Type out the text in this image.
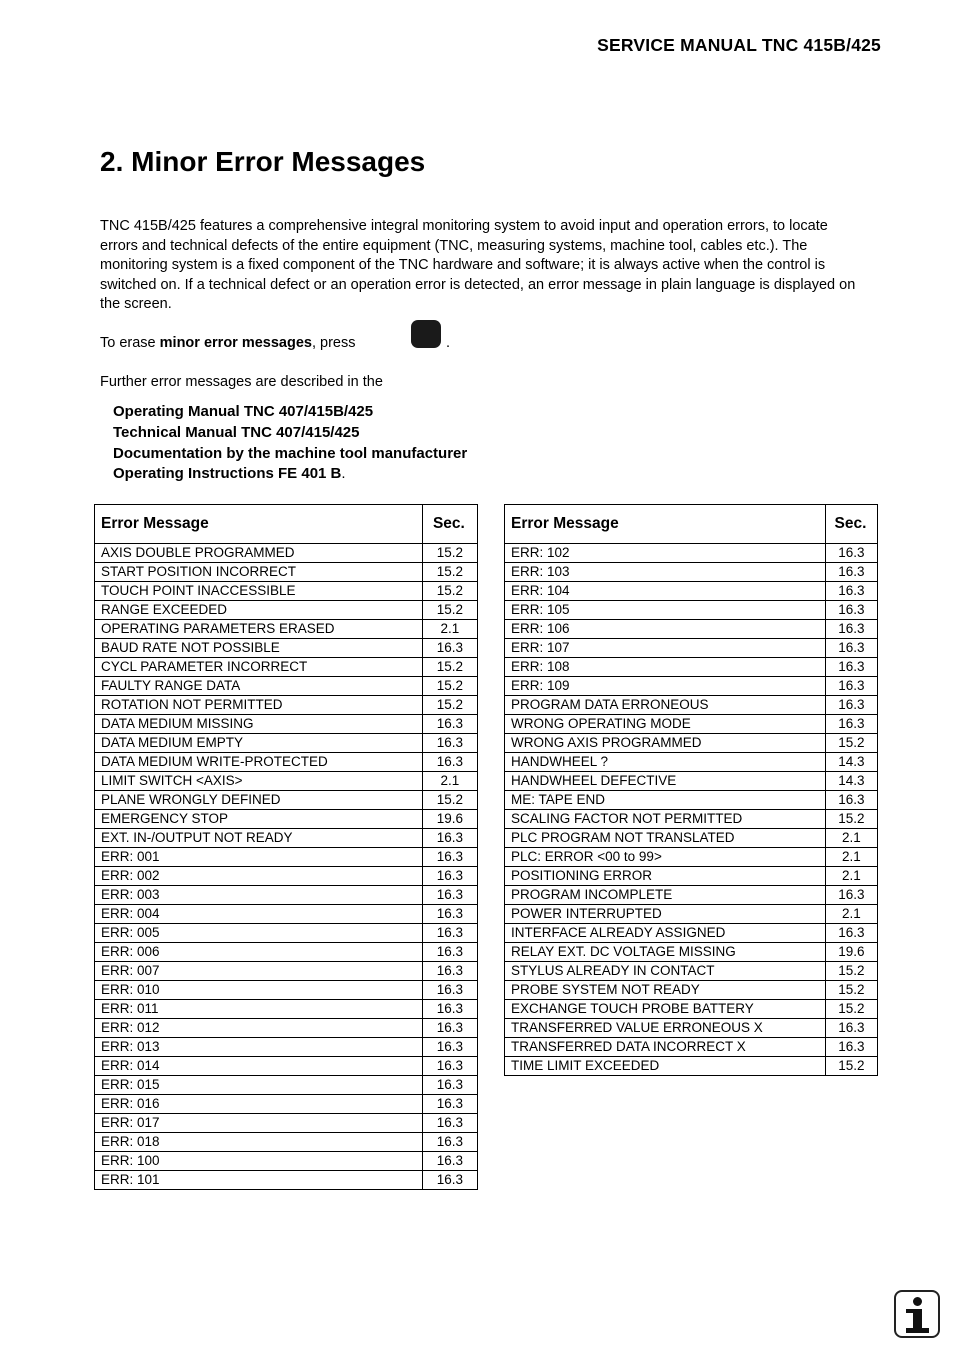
SERVICE MANUAL TNC 415B/425
2. Minor Error Messages

TNC 415B/425 features a comprehensive integral monitoring system to avoid input and operation errors, to locate errors and technical defects of the entire equipment (TNC, measuring systems, machine tool, cables etc.). The monitoring system is a fixed component of the TNC hardware and software; it is always active when the control is switched on. If a technical defect or an operation error is detected, an error message in plain language is displayed on the screen.

To erase minor error messages, press	.
Further error messages are described in the
Operating Manual TNC 407/415B/425
Technical Manual TNC 407/415/425
Documentation by the machine tool manufacturer
Operating Instructions FE 401 B.
Error Message	Sec.
AXIS DOUBLE PROGRAMMED	15.2
START POSITION INCORRECT	15.2
TOUCH POINT INACCESSIBLE	15.2
RANGE EXCEEDED	15.2
OPERATING PARAMETERS ERASED	2.1
BAUD RATE NOT POSSIBLE	16.3
CYCL PARAMETER INCORRECT	15.2
FAULTY RANGE DATA	15.2
ROTATION NOT PERMITTED	15.2
DATA MEDIUM MISSING	16.3
DATA MEDIUM EMPTY	16.3
DATA MEDIUM WRITE-PROTECTED	16.3
LIMIT SWITCH <AXIS>	2.1
PLANE WRONGLY DEFINED	15.2
EMERGENCY STOP	19.6
EXT. IN-/OUTPUT NOT READY	16.3
ERR: 001	16.3
ERR: 002	16.3
ERR: 003	16.3
ERR: 004	16.3
ERR: 005	16.3
ERR: 006	16.3
ERR: 007	16.3
ERR: 010	16.3
ERR: 011	16.3
ERR: 012	16.3
ERR: 013	16.3
ERR: 014	16.3
ERR: 015	16.3
ERR: 016	16.3
ERR: 017	16.3
ERR: 018	16.3
ERR: 100	16.3
ERR: 101	16.3
Error Message	Sec.
ERR: 102	16.3
ERR: 103	16.3
ERR: 104	16.3
ERR: 105	16.3
ERR: 106	16.3
ERR: 107	16.3
ERR: 108	16.3
ERR: 109	16.3
PROGRAM DATA ERRONEOUS	16.3
WRONG OPERATING MODE	16.3
WRONG AXIS PROGRAMMED	15.2
HANDWHEEL ?	14.3
HANDWHEEL DEFECTIVE	14.3
ME: TAPE END	16.3
SCALING FACTOR NOT PERMITTED	15.2
PLC PROGRAM NOT TRANSLATED	2.1
PLC: ERROR <00 to 99>	2.1
POSITIONING ERROR	2.1
PROGRAM INCOMPLETE	16.3
POWER INTERRUPTED	2.1
INTERFACE ALREADY ASSIGNED	16.3
RELAY EXT. DC VOLTAGE MISSING	19.6
STYLUS ALREADY IN CONTACT	15.2
PROBE SYSTEM NOT READY	15.2
EXCHANGE TOUCH PROBE BATTERY	15.2
TRANSFERRED VALUE ERRONEOUS X	16.3
TRANSFERRED DATA INCORRECT X	16.3
TIME LIMIT EXCEEDED	15.2
